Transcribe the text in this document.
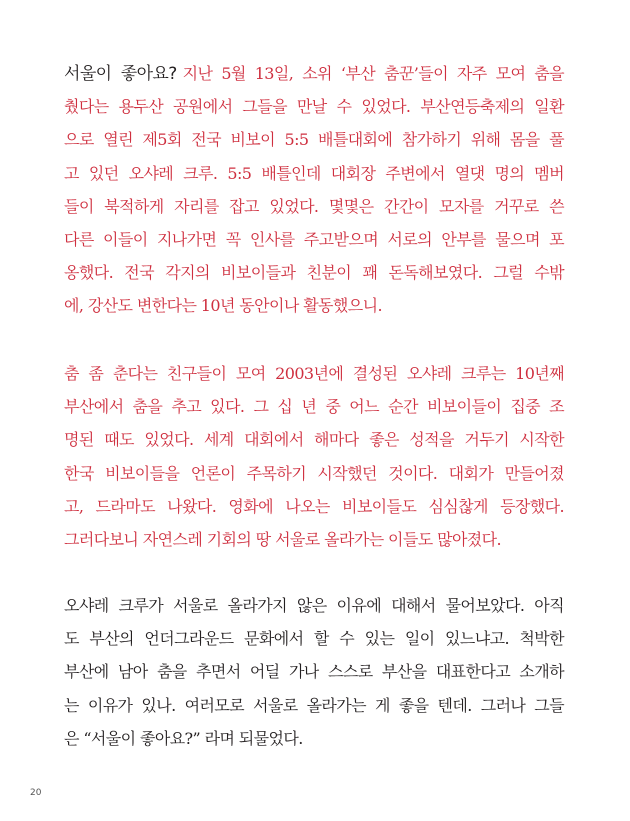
서울이 좋아요? 지난 5월 13일, 소위 ‘부산 춤꾼’들이 자주 모여 춤을
췄다는 용두산 공원에서 그들을 만날 수 있었다. 부산연등축제의 일환
으로 열린 제5회 전국 비보이 5:5 배틀대회에 참가하기 위해 몸을 풀
고 있던 오샤레 크루. 5:5 배틀인데 대회장 주변에서 열댓 명의 멤버
들이 북적하게 자리를 잡고 있었다. 몇몇은 간간이 모자를 거꾸로 쓴
다른 이들이 지나가면 꼭 인사를 주고받으며 서로의 안부를 물으며 포
옹했다. 전국 각지의 비보이들과 친분이 꽤 돈독해보였다. 그럴 수밖
에, 강산도 변한다는 10년 동안이나 활동했으니.
춤 좀 춘다는 친구들이 모여 2003년에 결성된 오샤레 크루는 10년째
부산에서 춤을 추고 있다. 그 십 년 중 어느 순간 비보이들이 집중 조
명된 때도 있었다. 세계 대회에서 해마다 좋은 성적을 거두기 시작한
한국 비보이들을 언론이 주목하기 시작했던 것이다. 대회가 만들어졌
고, 드라마도 나왔다. 영화에 나오는 비보이들도 심심찮게 등장했다.
그러다보니 자연스레 기회의 땅 서울로 올라가는 이들도 많아졌다.
오샤레 크루가 서울로 올라가지 않은 이유에 대해서 물어보았다. 아직
도 부산의 언더그라운드 문화에서 할 수 있는 일이 있느냐고. 척박한
부산에 남아 춤을 추면서 어딜 가나 스스로 부산을 대표한다고 소개하
는 이유가 있나. 여러모로 서울로 올라가는 게 좋을 텐데. 그러나 그들
은 “서울이 좋아요?” 라며 되물었다.
20
